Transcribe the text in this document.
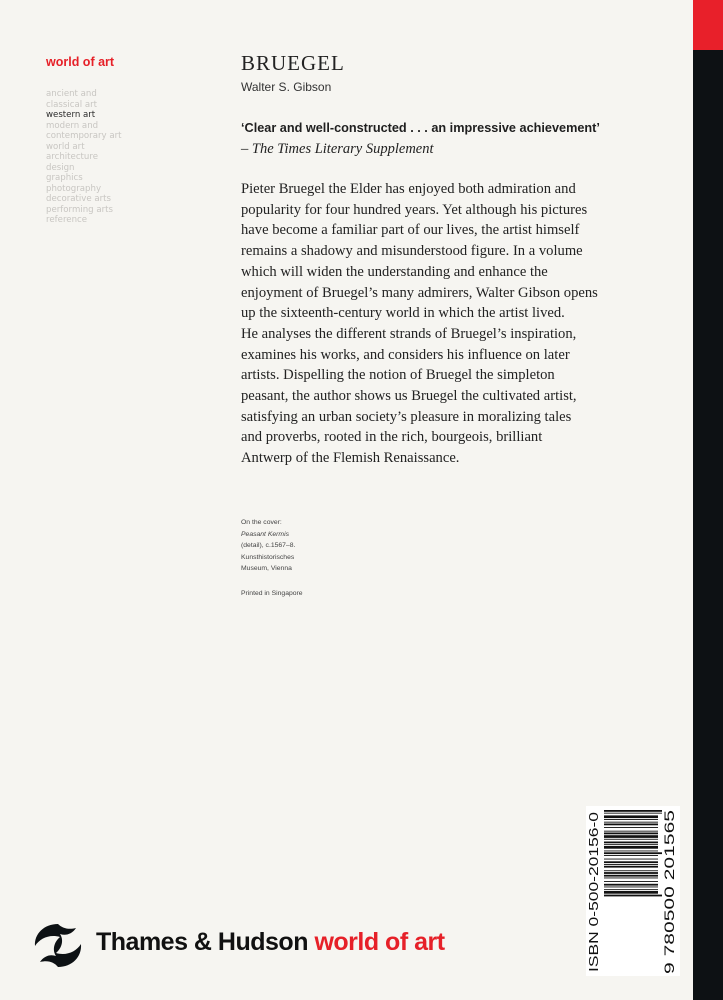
world of art

ancient and

classical art

western art

modern and

contemporary art

world art

architecture

design

graphics

photography

decorative arts

performing arts

reference

BRUEGEL
Walter S. Gibson
‘Clear and well-constructed . . . an impressive achievement’
– The Times Literary Supplement

Pieter Bruegel the Elder has enjoyed both admiration and

popularity for four hundred years. Yet although his pictures

have become a familiar part of our lives, the artist himself

remains a shadowy and misunderstood figure. In a volume

which will widen the understanding and enhance the

enjoyment of Bruegel’s many admirers, Walter Gibson opens

up the sixteenth-century world in which the artist lived.

He analyses the different strands of Bruegel’s inspiration,

examines his works, and considers his influence on later

artists. Dispelling the notion of Bruegel the simpleton

peasant, the author shows us Bruegel the cultivated artist,

satisfying an urban society’s pleasure in moralizing tales

and proverbs, rooted in the rich, bourgeois, brilliant

Antwerp of the Flemish Renaissance.

On the cover:

Peasant Kermis

(detail), c.1567–8.

Kunsthistorisches

Museum, Vienna

Printed in Singapore
ISBN 0-500-20156-0	9 780500 201565
Thames & Hudson world of art
